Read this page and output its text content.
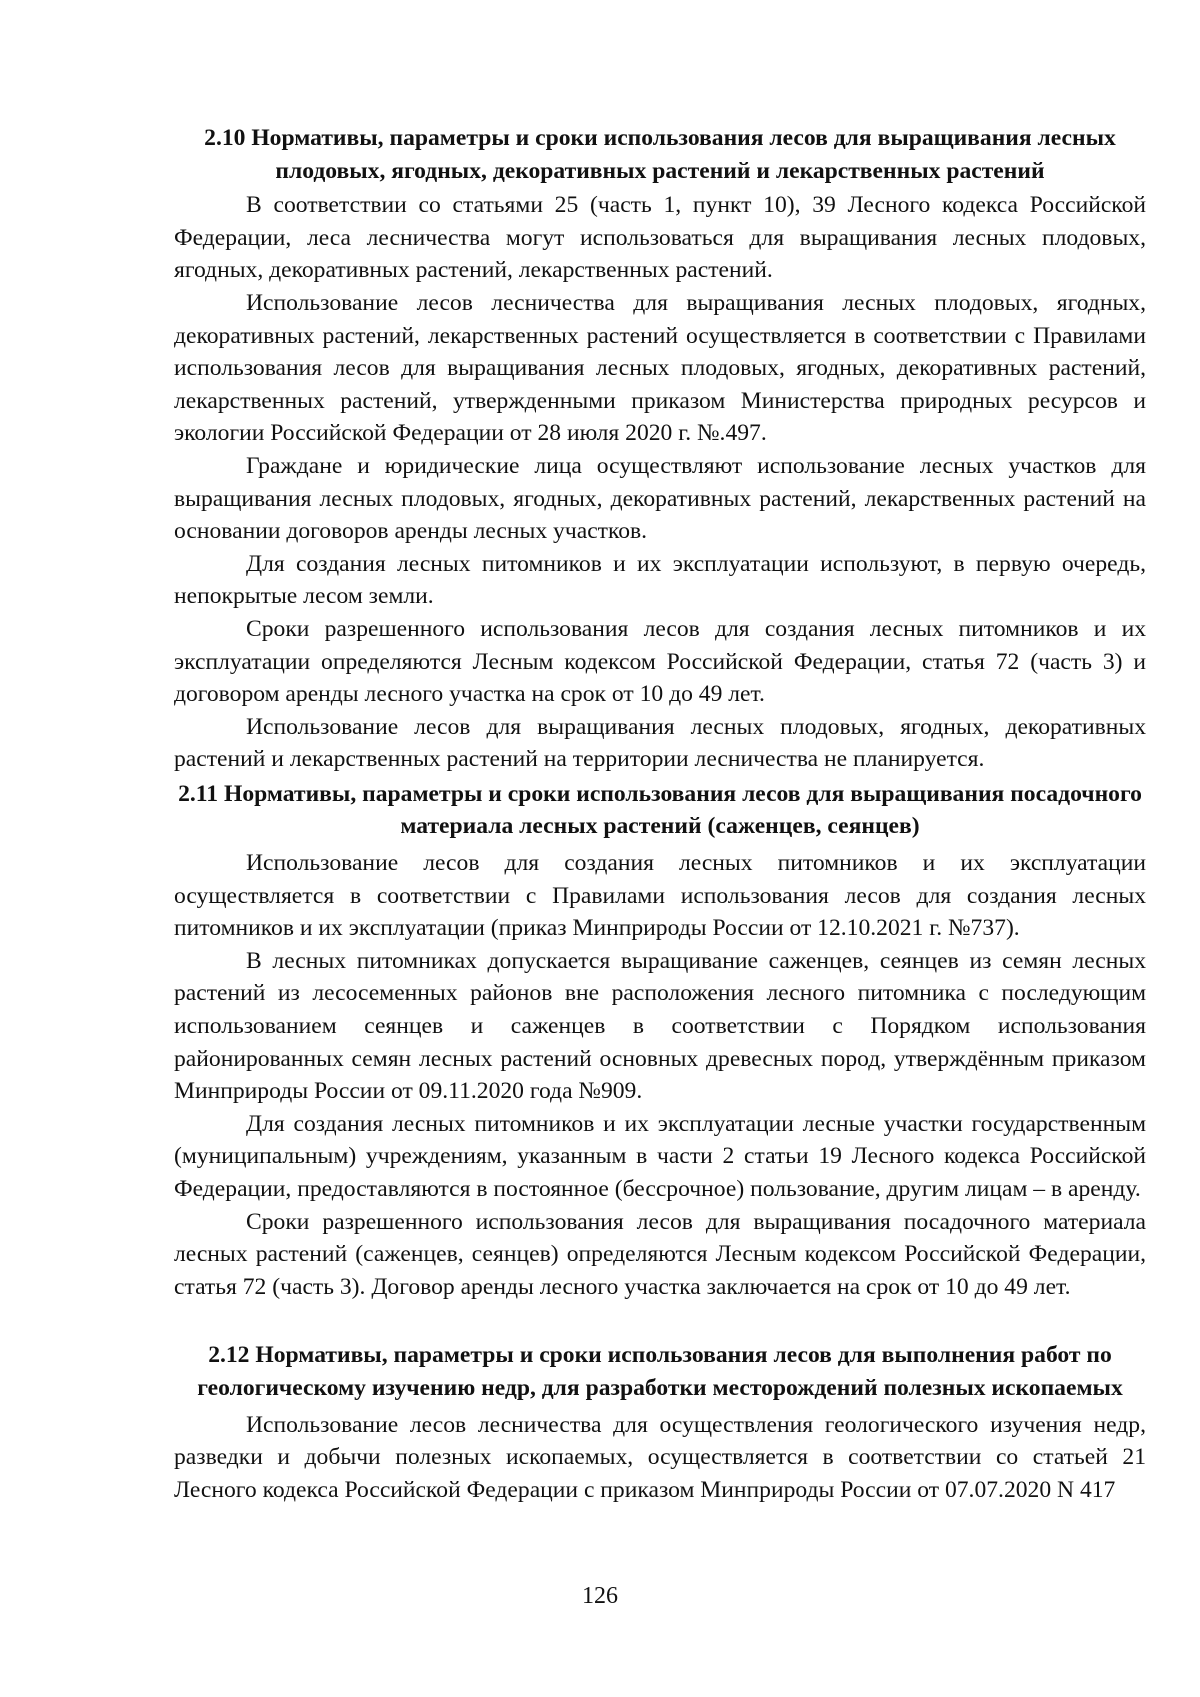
2.10 Нормативы, параметры и сроки использования лесов для выращивания лесных плодовых, ягодных, декоративных растений и лекарственных растений

В соответствии со статьями 25 (часть 1, пункт 10), 39 Лесного кодекса Российской Федерации, леса лесничества могут использоваться для выращивания лесных плодовых, ягодных, декоративных растений, лекарственных растений.

Использование лесов лесничества для выращивания лесных плодовых, ягодных, декоративных растений, лекарственных растений осуществляется в соответствии с Правилами использования лесов для выращивания лесных плодовых, ягодных, декоративных растений, лекарственных растений, утвержденными приказом Министерства природных ресурсов и экологии Российской Федерации от 28 июля 2020 г. №.497.

Граждане и юридические лица осуществляют использование лесных участков для выращивания лесных плодовых, ягодных, декоративных растений, лекарственных растений на основании договоров аренды лесных участков.

Для создания лесных питомников и их эксплуатации используют, в первую очередь, непокрытые лесом земли.

Сроки разрешенного использования лесов для создания лесных питомников и их эксплуатации определяются Лесным кодексом Российской Федерации, статья 72 (часть 3) и договором аренды лесного участка на срок от 10 до 49 лет.

Использование лесов для выращивания лесных плодовых, ягодных, декоративных растений и лекарственных растений на территории лесничества не планируется.

2.11 Нормативы, параметры и сроки использования лесов для выращивания посадочного материала лесных растений (саженцев, сеянцев)

Использование лесов для создания лесных питомников и их эксплуатации осуществляется в соответствии с Правилами использования лесов для создания лесных питомников и их эксплуатации (приказ Минприроды России от 12.10.2021 г. №737).

В лесных питомниках допускается выращивание саженцев, сеянцев из семян лесных растений из лесосеменных районов вне расположения лесного питомника с последующим использованием сеянцев и саженцев в соответствии с Порядком использования районированных семян лесных растений основных древесных пород, утверждённым приказом Минприроды России от 09.11.2020 года №909.

Для создания лесных питомников и их эксплуатации лесные участки государственным (муниципальным) учреждениям, указанным в части 2 статьи 19 Лесного кодекса Российской Федерации, предоставляются в постоянное (бессрочное) пользование, другим лицам – в аренду.

Сроки разрешенного использования лесов для выращивания посадочного материала лесных растений (саженцев, сеянцев) определяются Лесным кодексом Российской Федерации, статья 72 (часть 3). Договор аренды лесного участка заключается на срок от 10 до 49 лет.

2.12 Нормативы, параметры и сроки использования лесов для выполнения работ по геологическому изучению недр, для разработки месторождений полезных ископаемых

Использование лесов лесничества для осуществления геологического изучения недр, разведки и добычи полезных ископаемых, осуществляется в соответствии со статьей 21 Лесного кодекса Российской Федерации с приказом Минприроды России от 07.07.2020 N 417

126
